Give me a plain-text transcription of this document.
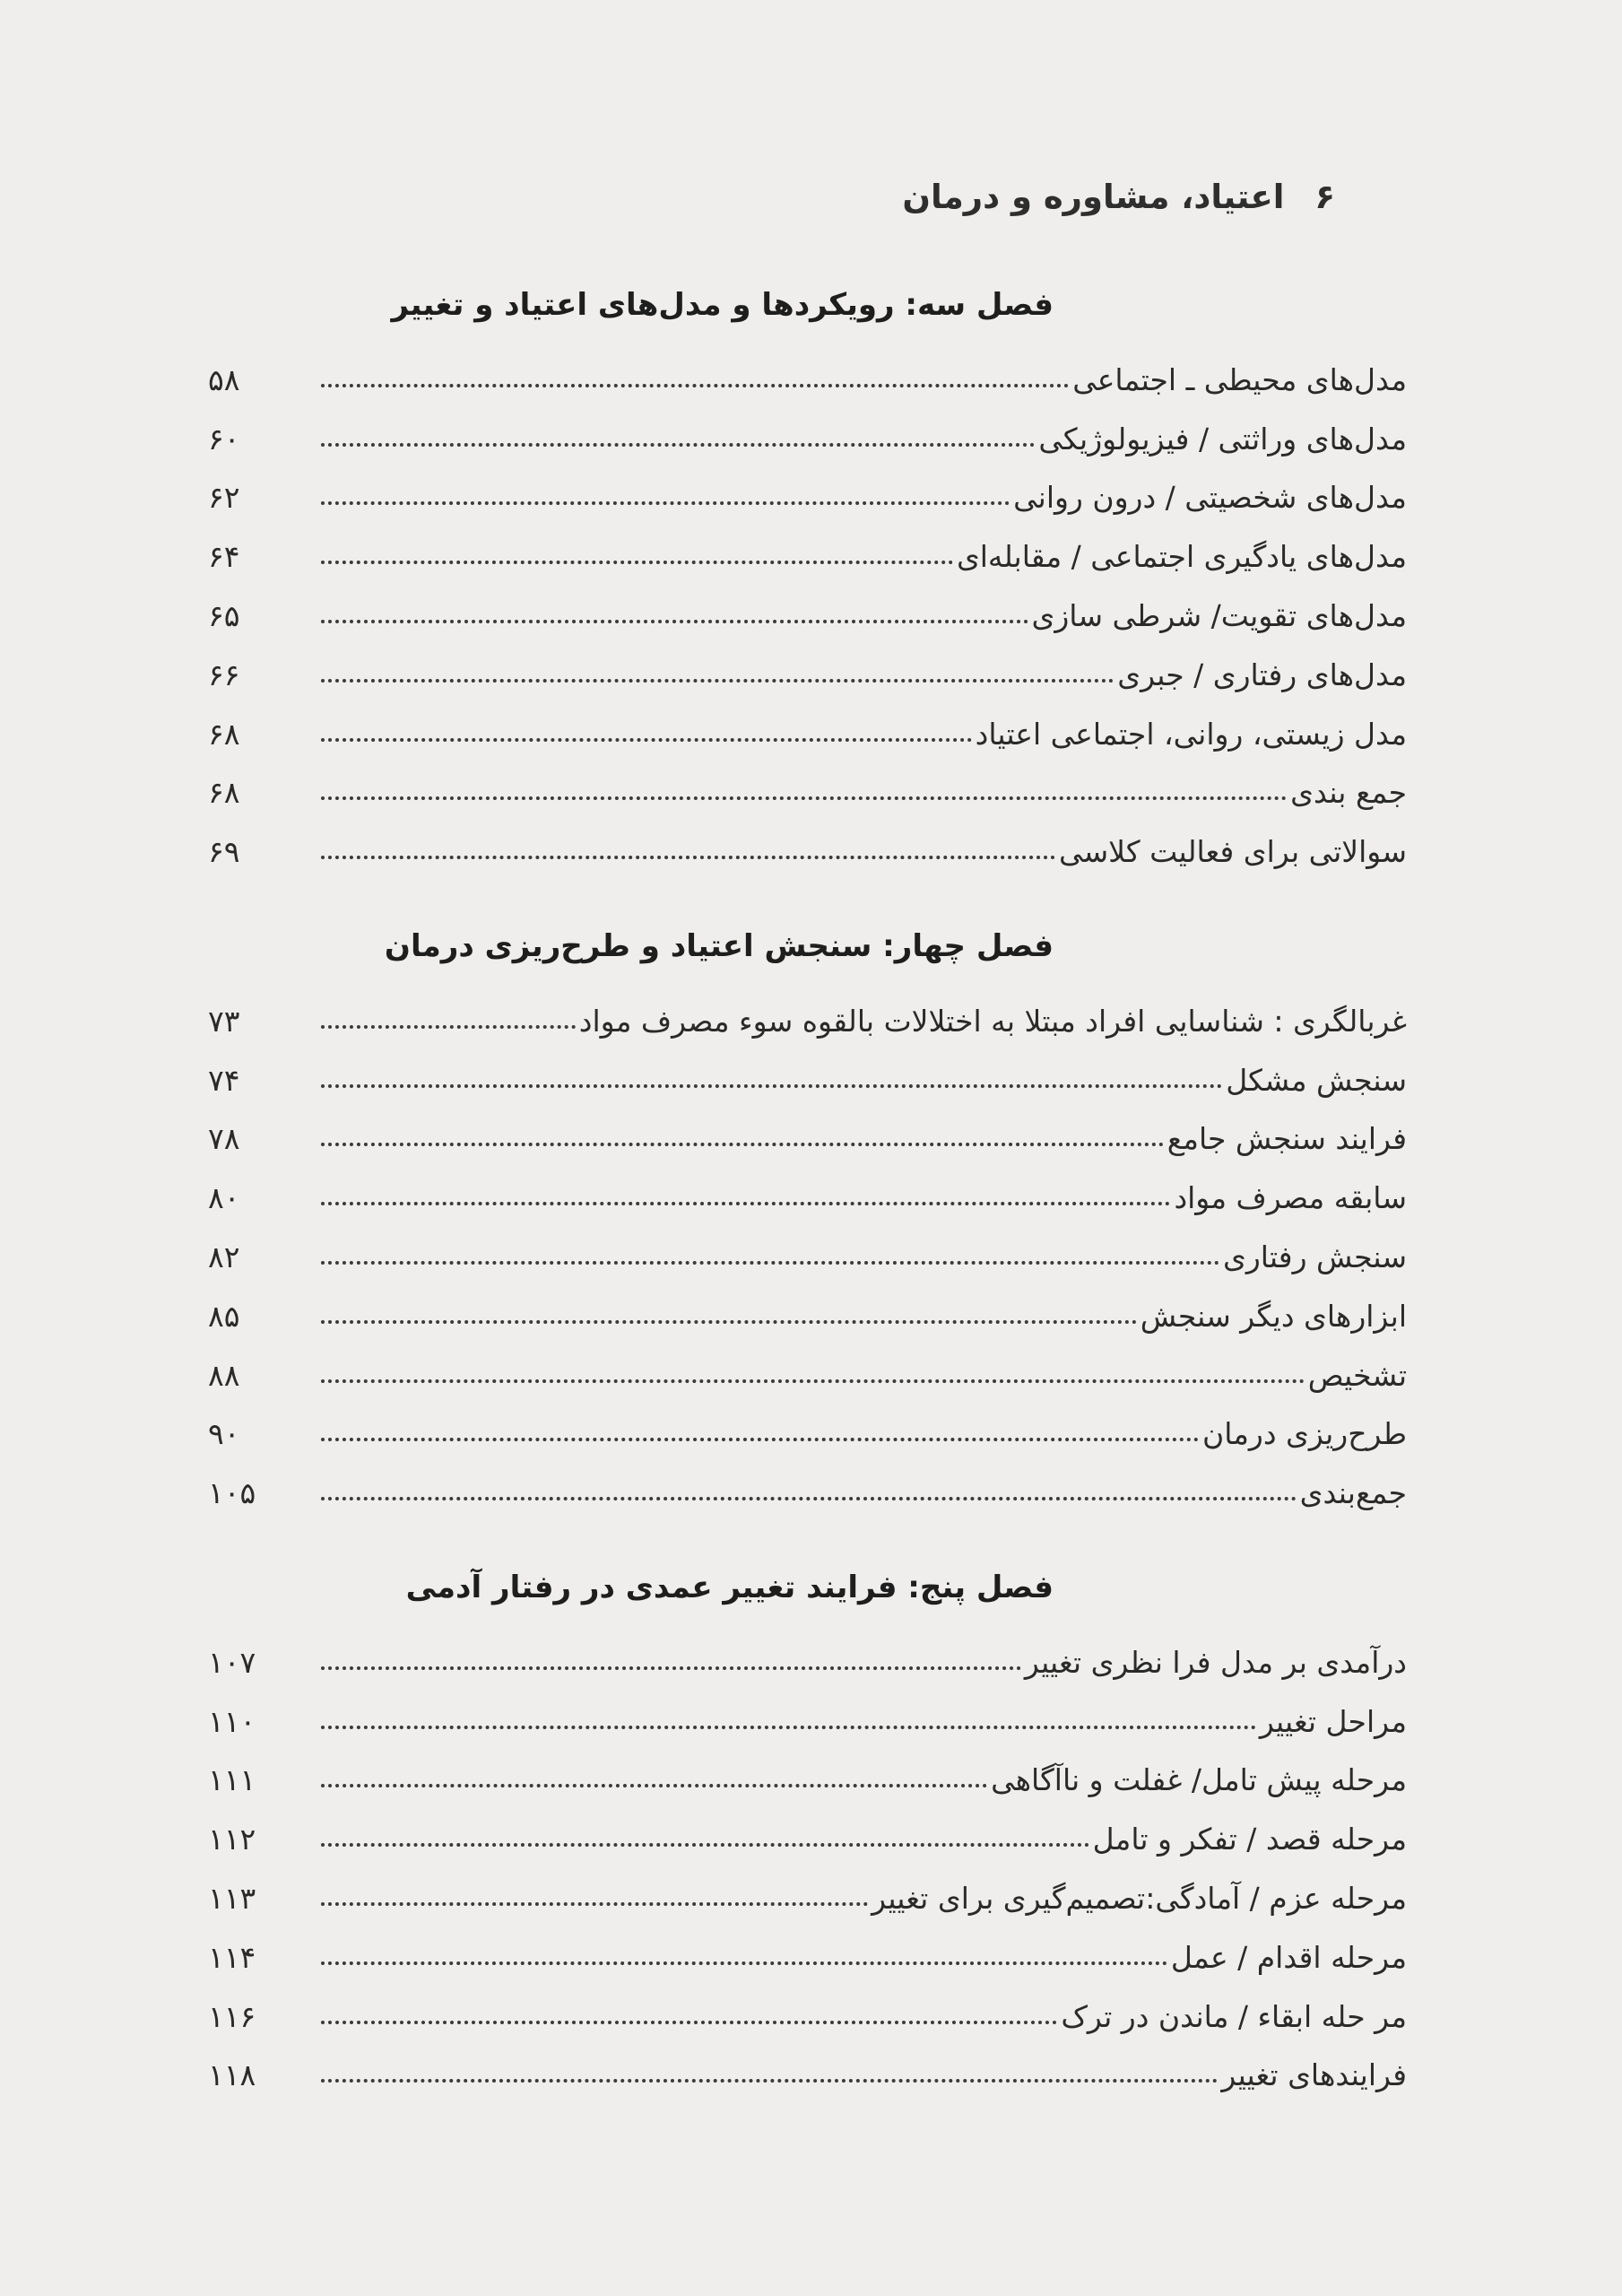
۶
اعتیاد، مشاوره و درمان
فصل سه: رویکردها و مدل‌های اعتیاد و تغییر
مدل‌های محیطی ـ اجتماعی
۵۸
مدل‌های وراثتی / فیزیولوژیکی
۶۰
مدل‌های شخصیتی / درون روانی
۶۲
مدل‌های یادگیری اجتماعی / مقابله‌ای
۶۴
مدل‌های تقویت/ شرطی سازی
۶۵
مدل‌های رفتاری / جبری
۶۶
مدل زیستی، روانی، اجتماعی اعتیاد
۶۸
جمع بندی
۶۸
سوالاتی برای فعالیت کلاسی
۶۹
فصل چهار: سنجش اعتیاد و طرح‌ریزی درمان
غربالگری : شناسایی افراد مبتلا به اختلالات بالقوه سوء مصرف مواد
۷۳
سنجش مشکل
۷۴
فرایند سنجش جامع
۷۸
سابقه مصرف مواد
۸۰
سنجش رفتاری
۸۲
ابزارهای دیگر سنجش
۸۵
تشخیص
۸۸
طرح‌ریزی درمان
۹۰
جمع‌بندی
۱۰۵
فصل پنج: فرایند تغییر عمدی در رفتار آدمی
درآمدی بر مدل فرا نظری تغییر
۱۰۷
مراحل تغییر
۱۱۰
مرحله پیش تامل/ غفلت و ناآگاهی
۱۱۱
مرحله قصد / تفکر و تامل
۱۱۲
مرحله عزم / آمادگی:تصمیم‌گیری برای تغییر
۱۱۳
مرحله اقدام / عمل
۱۱۴
مر حله ابقاء / ماندن در ترک
۱۱۶
فرایندهای تغییر
۱۱۸
